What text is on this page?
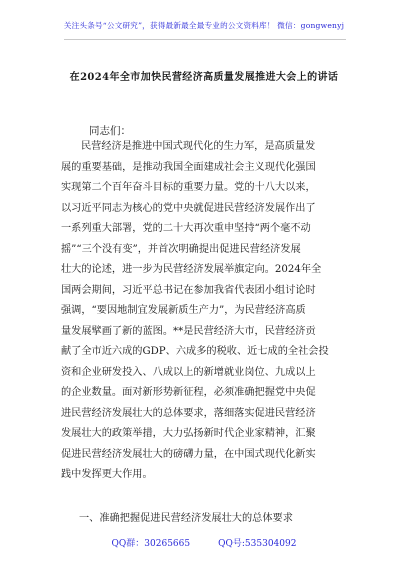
关注头条号“公文研究”，获得最新最全最专业的公文资料库！ 微信：gongwenyj
在2024年全市加快民营经济高质量发展推进大会上的讲话
同志们：
民营经济是推进中国式现代化的生力军，是高质量发
展的重要基础，是推动我国全面建成社会主义现代化强国
实现第二个百年奋斗目标的重要力量。党的十八大以来，
以习近平同志为核心的党中央就促进民营经济发展作出了
一系列重大部署，党的二十大再次重申坚持“两个毫不动
摇”“三个没有变”，并首次明确提出促进民营经济发展
壮大的论述，进一步为民营经济发展举旗定向。2024年全
国两会期间，习近平总书记在参加我省代表团小组讨论时
强调，“要因地制宜发展新质生产力”，为民营经济高质
量发展擘画了新的蓝图。**是民营经济大市，民营经济贡
献了全市近六成的GDP、六成多的税收、近七成的全社会投
资和企业研发投入、八成以上的新增就业岗位、九成以上
的企业数量。面对新形势新征程，必须准确把握党中央促
进民营经济发展壮大的总体要求，落细落实促进民营经济
发展壮大的政策举措，大力弘扬新时代企业家精神，汇聚
促进民营经济发展壮大的磅礴力量，在中国式现代化新实
践中发挥更大作用。
一、准确把握促进民营经济发展壮大的总体要求
QQ群：30265665	QQ号:535304092
